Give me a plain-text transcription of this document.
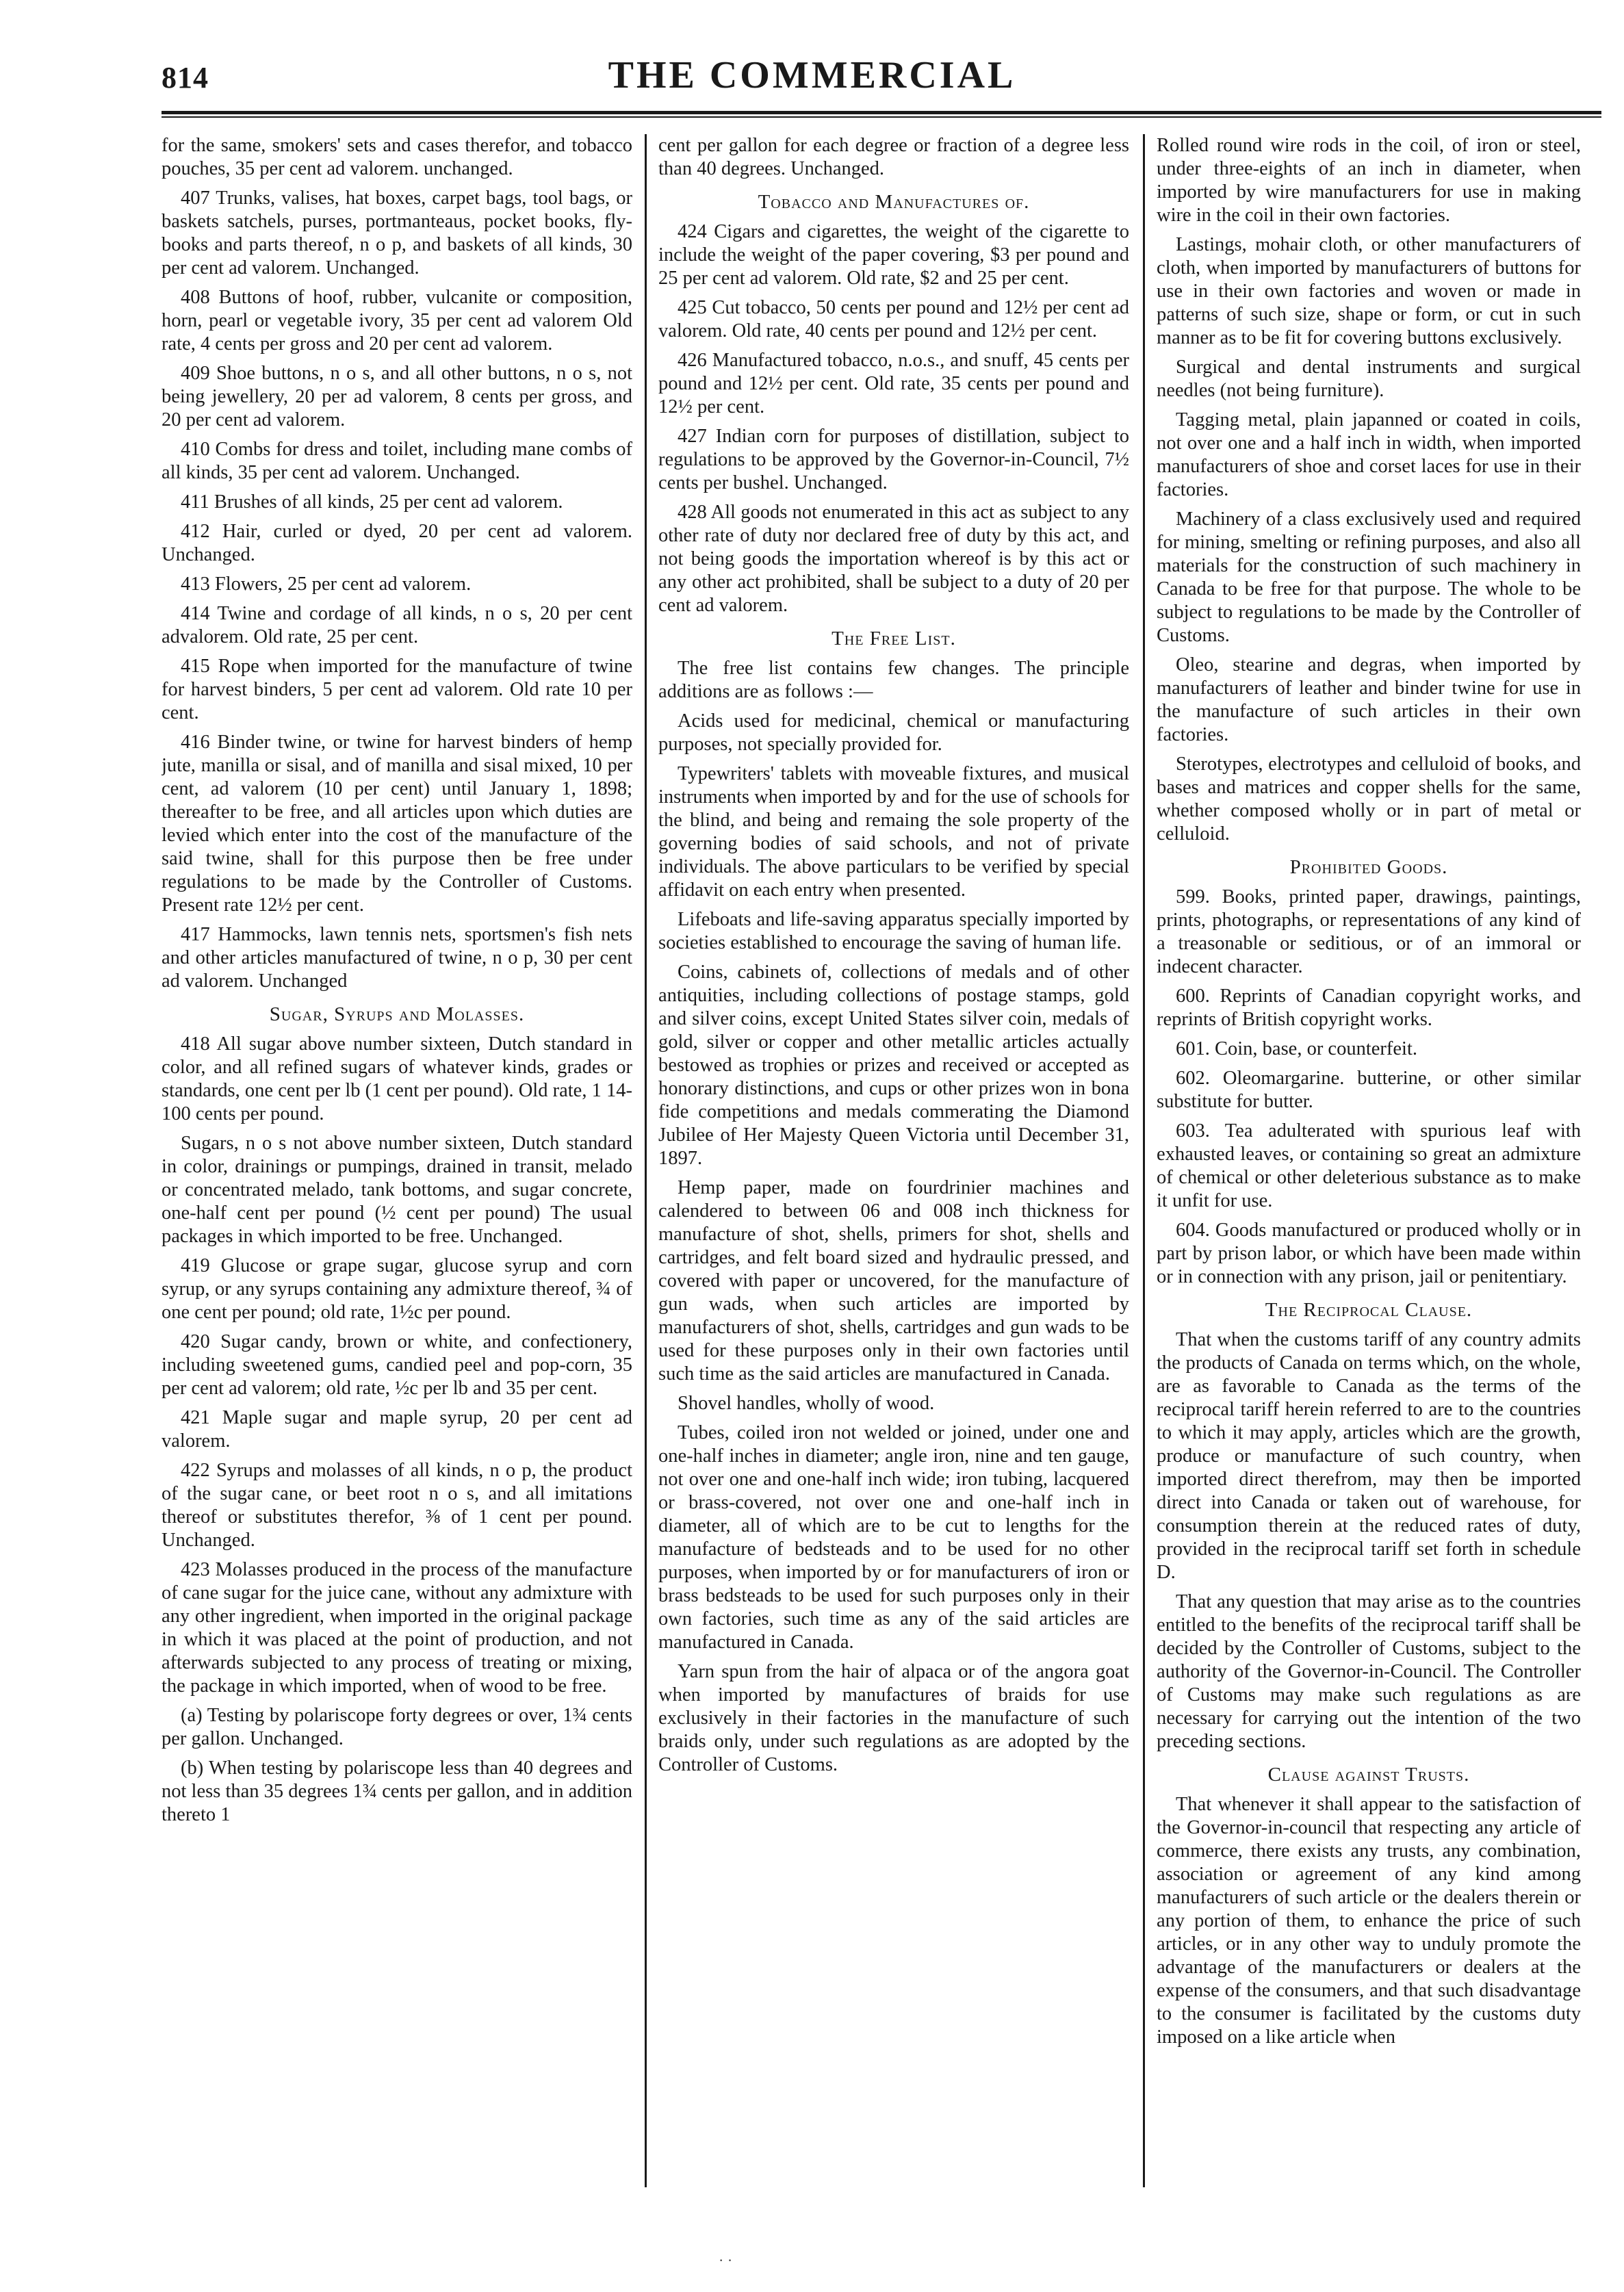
814	THE COMMERCIAL
for the same, smokers' sets and cases therefor, and tobacco pouches, 35 per cent ad valorem. unchanged.
407 Trunks, valises, hat boxes, carpet bags, tool bags, or baskets satchels, purses, portmanteaus, pocket books, fly-books and parts thereof, n o p, and baskets of all kinds, 30 per cent ad valorem. Unchanged.
408 Buttons of hoof, rubber, vulcanite or composition, horn, pearl or vegetable ivory, 35 per cent ad valorem Old rate, 4 cents per gross and 20 per cent ad valorem.
409 Shoe buttons, n o s, and all other buttons, n o s, not being jewellery, 20 per ad valorem, 8 cents per gross, and 20 per cent ad valorem.
410 Combs for dress and toilet, including mane combs of all kinds, 35 per cent ad valorem. Unchanged.
411 Brushes of all kinds, 25 per cent ad valorem.
412 Hair, curled or dyed, 20 per cent ad valorem. Unchanged.
413 Flowers, 25 per cent ad valorem.
414 Twine and cordage of all kinds, n o s, 20 per cent advalorem. Old rate, 25 per cent.
415 Rope when imported for the manufacture of twine for harvest binders, 5 per cent ad valorem. Old rate 10 per cent.
416 Binder twine, or twine for harvest binders of hemp jute, manilla or sisal, and of manilla and sisal mixed, 10 per cent, ad valorem (10 per cent) until January 1, 1898; thereafter to be free, and all articles upon which duties are levied which enter into the cost of the manufacture of the said twine, shall for this purpose then be free under regulations to be made by the Controller of Customs. Present rate 12½ per cent.
417 Hammocks, lawn tennis nets, sportsmen's fish nets and other articles manufactured of twine, n o p, 30 per cent ad valorem. Unchanged
Sugar, Syrups and Molasses.
418 All sugar above number sixteen, Dutch standard in color, and all refined sugars of whatever kinds, grades or standards, one cent per lb (1 cent per pound). Old rate, 1 14-100 cents per pound.
Sugars, n o s not above number sixteen, Dutch standard in color, drainings or pumpings, drained in transit, melado or concentrated melado, tank bottoms, and sugar concrete, one-half cent per pound (½ cent per pound) The usual packages in which imported to be free. Unchanged.
419 Glucose or grape sugar, glucose syrup and corn syrup, or any syrups containing any admixture thereof, ¾ of one cent per pound; old rate, 1½c per pound.
420 Sugar candy, brown or white, and confectionery, including sweetened gums, candied peel and pop-corn, 35 per cent ad valorem; old rate, ½c per lb and 35 per cent.
421 Maple sugar and maple syrup, 20 per cent ad valorem.
422 Syrups and molasses of all kinds, n o p, the product of the sugar cane, or beet root n o s, and all imitations thereof or substitutes therefor, ⅜ of 1 cent per pound. Unchanged.
423 Molasses produced in the process of the manufacture of cane sugar for the juice cane, without any admixture with any other ingredient, when imported in the original package in which it was placed at the point of production, and not afterwards subjected to any process of treating or mixing, the package in which imported, when of wood to be free.
(a) Testing by polariscope forty degrees or over, 1¾ cents per gallon. Unchanged.
(b) When testing by polariscope less than 40 degrees and not less than 35 degrees 1¾ cents per gallon, and in addition thereto 1
cent per gallon for each degree or fraction of a degree less than 40 degrees. Unchanged.
Tobacco and Manufactures of.
424 Cigars and cigarettes, the weight of the cigarette to include the weight of the paper covering, $3 per pound and 25 per cent ad valorem. Old rate, $2 and 25 per cent.
425 Cut tobacco, 50 cents per pound and 12½ per cent ad valorem. Old rate, 40 cents per pound and 12½ per cent.
426 Manufactured tobacco, n.o.s., and snuff, 45 cents per pound and 12½ per cent. Old rate, 35 cents per pound and 12½ per cent.
427 Indian corn for purposes of distillation, subject to regulations to be approved by the Governor-in-Council, 7½ cents per bushel. Unchanged.
428 All goods not enumerated in this act as subject to any other rate of duty nor declared free of duty by this act, and not being goods the importation whereof is by this act or any other act prohibited, shall be subject to a duty of 20 per cent ad valorem.
The Free List.
The free list contains few changes. The principle additions are as follows :—
Acids used for medicinal, chemical or manufacturing purposes, not specially provided for.
Typewriters' tablets with moveable fixtures, and musical instruments when imported by and for the use of schools for the blind, and being and remaing the sole property of the governing bodies of said schools, and not of private individuals. The above particulars to be verified by special affidavit on each entry when presented.
Lifeboats and life-saving apparatus specially imported by societies established to encourage the saving of human life.
Coins, cabinets of, collections of medals and of other antiquities, including collections of postage stamps, gold and silver coins, except United States silver coin, medals of gold, silver or copper and other metallic articles actually bestowed as trophies or prizes and received or accepted as honorary distinctions, and cups or other prizes won in bona fide competitions and medals commerating the Diamond Jubilee of Her Majesty Queen Victoria until December 31, 1897.
Hemp paper, made on fourdrinier machines and calendered to between 06 and 008 inch thickness for manufacture of shot, shells, primers for shot, shells and cartridges, and felt board sized and hydraulic pressed, and covered with paper or uncovered, for the manufacture of gun wads, when such articles are imported by manufacturers of shot, shells, cartridges and gun wads to be used for these purposes only in their own factories until such time as the said articles are manufactured in Canada.
Shovel handles, wholly of wood.
Tubes, coiled iron not welded or joined, under one and one-half inches in diameter; angle iron, nine and ten gauge, not over one and one-half inch wide; iron tubing, lacquered or brass-covered, not over one and one-half inch in diameter, all of which are to be cut to lengths for the manufacture of bedsteads and to be used for no other purposes, when imported by or for manufacturers of iron or brass bedsteads to be used for such purposes only in their own factories, such time as any of the said articles are manufactured in Canada.
Yarn spun from the hair of alpaca or of the angora goat when imported by manufactures of braids for use exclusively in their factories in the manufacture of such braids only, under such regulations as are adopted by the Controller of Customs.
Rolled round wire rods in the coil, of iron or steel, under three-eights of an inch in diameter, when imported by wire manufacturers for use in making wire in the coil in their own factories.
Lastings, mohair cloth, or other manufacturers of cloth, when imported by manufacturers of buttons for use in their own factories and woven or made in patterns of such size, shape or form, or cut in such manner as to be fit for covering buttons exclusively.
Surgical and dental instruments and surgical needles (not being furniture).
Tagging metal, plain japanned or coated in coils, not over one and a half inch in width, when imported manufacturers of shoe and corset laces for use in their factories.
Machinery of a class exclusively used and required for mining, smelting or refining purposes, and also all materials for the construction of such machinery in Canada to be free for that purpose. The whole to be subject to regulations to be made by the Controller of Customs.
Oleo, stearine and degras, when imported by manufacturers of leather and binder twine for use in the manufacture of such articles in their own factories.
Sterotypes, electrotypes and celluloid of books, and bases and matrices and copper shells for the same, whether composed wholly or in part of metal or celluloid.
Prohibited Goods.
599. Books, printed paper, drawings, paintings, prints, photographs, or representations of any kind of a treasonable or seditious, or of an immoral or indecent character.
600. Reprints of Canadian copyright works, and reprints of British copyright works.
601. Coin, base, or counterfeit.
602. Oleomargarine. butterine, or other similar substitute for butter.
603. Tea adulterated with spurious leaf with exhausted leaves, or containing so great an admixture of chemical or other deleterious substance as to make it unfit for use.
604. Goods manufactured or produced wholly or in part by prison labor, or which have been made within or in connection with any prison, jail or penitentiary.
The Reciprocal Clause.
That when the customs tariff of any country admits the products of Canada on terms which, on the whole, are as favorable to Canada as the terms of the reciprocal tariff herein referred to are to the countries to which it may apply, articles which are the growth, produce or manufacture of such country, when imported direct therefrom, may then be imported direct into Canada or taken out of warehouse, for consumption therein at the reduced rates of duty, provided in the reciprocal tariff set forth in schedule D.
That any question that may arise as to the countries entitled to the benefits of the reciprocal tariff shall be decided by the Controller of Customs, subject to the authority of the Governor-in-Council. The Controller of Customs may make such regulations as are necessary for carrying out the intention of the two preceding sections.
Clause against Trusts.
That whenever it shall appear to the satisfaction of the Governor-in-council that respecting any article of commerce, there exists any trusts, any combination, association or agreement of any kind among manufacturers of such article or the dealers therein or any portion of them, to enhance the price of such articles, or in any other way to unduly promote the advantage of the manufacturers or dealers at the expense of the consumers, and that such disadvantage to the consumer is facilitated by the customs duty imposed on a like article when
· ·
